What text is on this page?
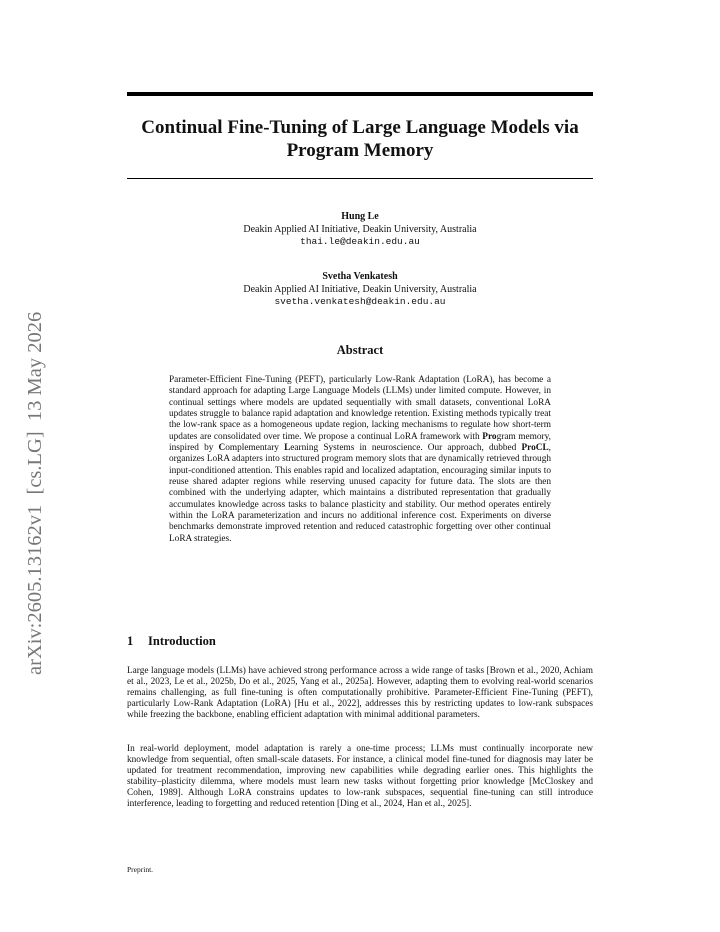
arXiv:2605.13162v1  [cs.LG]  13 May 2026
Continual Fine-Tuning of Large Language Models via
Program Memory
Hung Le
Deakin Applied AI Initiative, Deakin University, Australia
thai.le@deakin.edu.au
Svetha Venkatesh
Deakin Applied AI Initiative, Deakin University, Australia
svetha.venkatesh@deakin.edu.au
Abstract
Parameter-Efficient Fine-Tuning (PEFT), particularly Low-Rank Adaptation (LoRA), has become a standard approach for adapting Large Language Models (LLMs) under limited compute. However, in continual settings where models are updated sequentially with small datasets, conventional LoRA updates struggle to balance rapid adaptation and knowledge retention. Existing methods typically treat the low-rank space as a homogeneous update region, lacking mechanisms to regulate how short-term updates are consolidated over time. We propose a continual LoRA framework with Program memory, inspired by Complementary Learning Systems in neuroscience. Our approach, dubbed ProCL, organizes LoRA adapters into structured program memory slots that are dynamically retrieved through input-conditioned attention. This enables rapid and localized adaptation, encouraging similar inputs to reuse shared adapter regions while reserving unused capacity for future data. The slots are then combined with the underlying adapter, which maintains a distributed representation that gradually accumulates knowledge across tasks to balance plasticity and stability. Our method operates entirely within the LoRA parameterization and incurs no additional inference cost. Experiments on diverse benchmarks demonstrate improved retention and reduced catastrophic forgetting over other continual LoRA strategies.
1 Introduction
Large language models (LLMs) have achieved strong performance across a wide range of tasks [Brown et al., 2020, Achiam et al., 2023, Le et al., 2025b, Do et al., 2025, Yang et al., 2025a]. However, adapting them to evolving real-world scenarios remains challenging, as full fine-tuning is often computationally prohibitive. Parameter-Efficient Fine-Tuning (PEFT), particularly Low-Rank Adaptation (LoRA) [Hu et al., 2022], addresses this by restricting updates to low-rank subspaces while freezing the backbone, enabling efficient adaptation with minimal additional parameters.
In real-world deployment, model adaptation is rarely a one-time process; LLMs must continually incorporate new knowledge from sequential, often small-scale datasets. For instance, a clinical model fine-tuned for diagnosis may later be updated for treatment recommendation, improving new capabilities while degrading earlier ones. This highlights the stability–plasticity dilemma, where models must learn new tasks without forgetting prior knowledge [McCloskey and Cohen, 1989]. Although LoRA constrains updates to low-rank subspaces, sequential fine-tuning can still introduce interference, leading to forgetting and reduced retention [Ding et al., 2024, Han et al., 2025].
Preprint.
